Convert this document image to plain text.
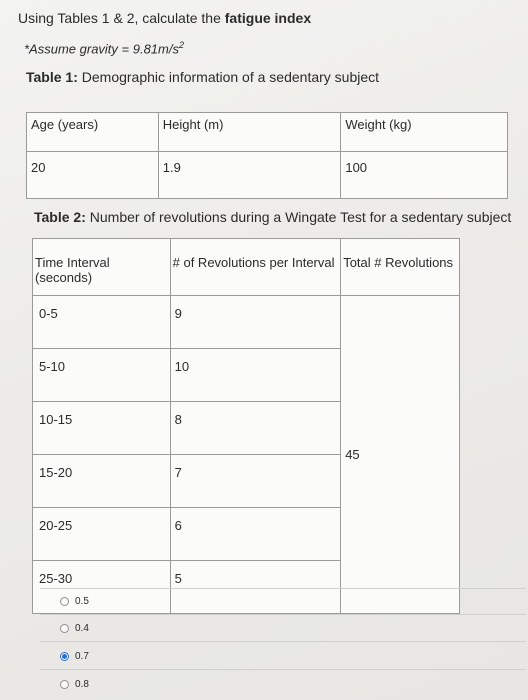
Using Tables 1 & 2, calculate the fatigue index
*Assume gravity = $9.81m/s^2$
Table 1: Demographic information of a sedentary subject
Age (years)	Height (m)	Weight (kg)
20	1.9	100
Table 2: Number of revolutions during a Wingate Test for a sedentary subject
Time Interval (seconds)	# of Revolutions per Interval	Total # Revolutions
0-5	9	45
5-10	10	
10-15	8	
15-20	7	
20-25	6	
25-30	5	
0.5
0.4
0.7
0.8
